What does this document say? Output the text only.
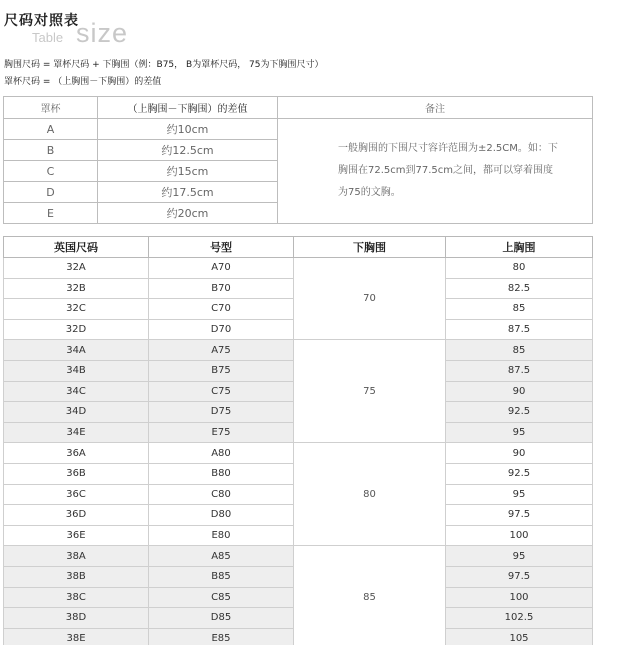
尺码对照表
Table size
胸围尺码 = 罩杯尺码 + 下胸围（例：B75， B为罩杯尺码， 75为下胸围尺寸）
罩杯尺码 = （上胸围－下胸围）的差值
罩杯	（上胸围－下胸围）的差值	备注
A	约10cm	一般胸围的下围尺寸容许范围为±2.5CM。如：下胸围在72.5cm到77.5cm之间，都可以穿着围度为75的文胸。
B	约12.5cm	
C	约15cm	
D	约17.5cm	
E	约20cm	
英国尺码	号型	下胸围	上胸围
32A	A70	70	80
32B	B70		82.5
32C	C70		85
32D	D70		87.5
34A	A75	75	85
34B	B75		87.5
34C	C75		90
34D	D75		92.5
34E	E75		95
36A	A80	80	90
36B	B80		92.5
36C	C80		95
36D	D80		97.5
36E	E80		100
38A	A85	85	95
38B	B85		97.5
38C	C85		100
38D	D85		102.5
38E	E85		105
